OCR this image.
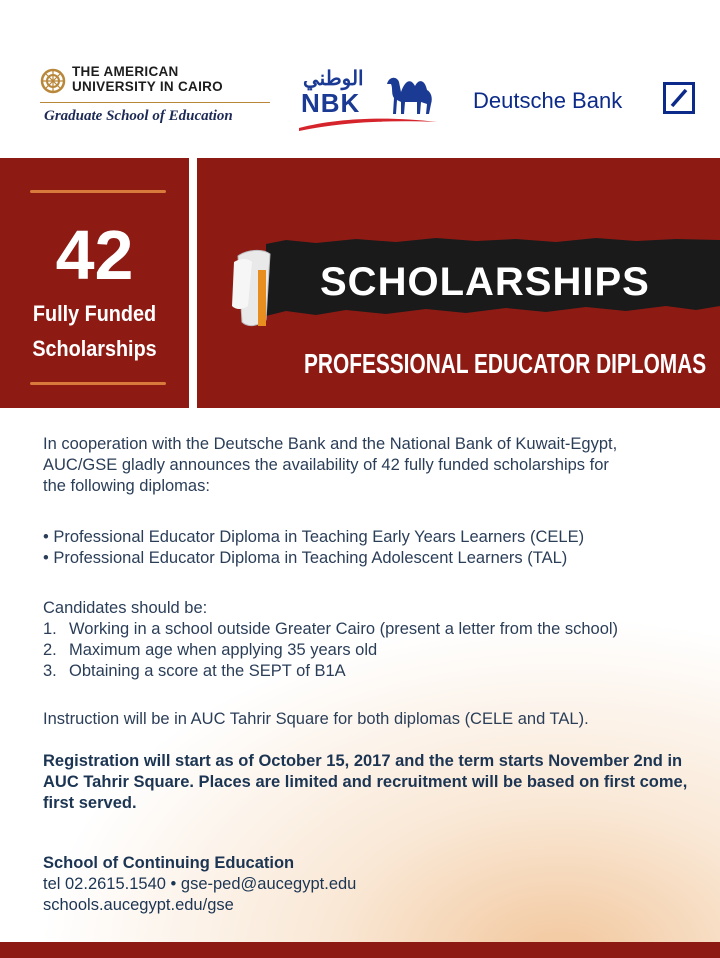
THE AMERICAN
UNIVERSITY IN CAIRO
Graduate School of Education
الوطني
NBK	Deutsche Bank
42
Fully Funded
Scholarships
SCHOLARSHIPS
PROFESSIONAL EDUCATOR DIPLOMAS

In cooperation with the Deutsche Bank and the National Bank of Kuwait-Egypt,

AUC/GSE gladly announces the availability of 42 fully funded scholarships for

the following diplomas:

• Professional Educator Diploma in Teaching Early Years Learners (CELE)

• Professional Educator Diploma in Teaching Adolescent Learners (TAL)

Candidates should be:

1. Working in a school outside Greater Cairo (present a letter from the school)

2. Maximum age when applying 35 years old

3. Obtaining a score at the SEPT of B1A

Instruction will be in AUC Tahrir Square for both diplomas (CELE and TAL).

Registration will start as of October 15, 2017 and the term starts November 2nd in

AUC Tahrir Square. Places are limited and recruitment will be based on first come,

first served.

School of Continuing Education

tel 02.2615.1540 • gse-ped@aucegypt.edu

schools.aucegypt.edu/gse
